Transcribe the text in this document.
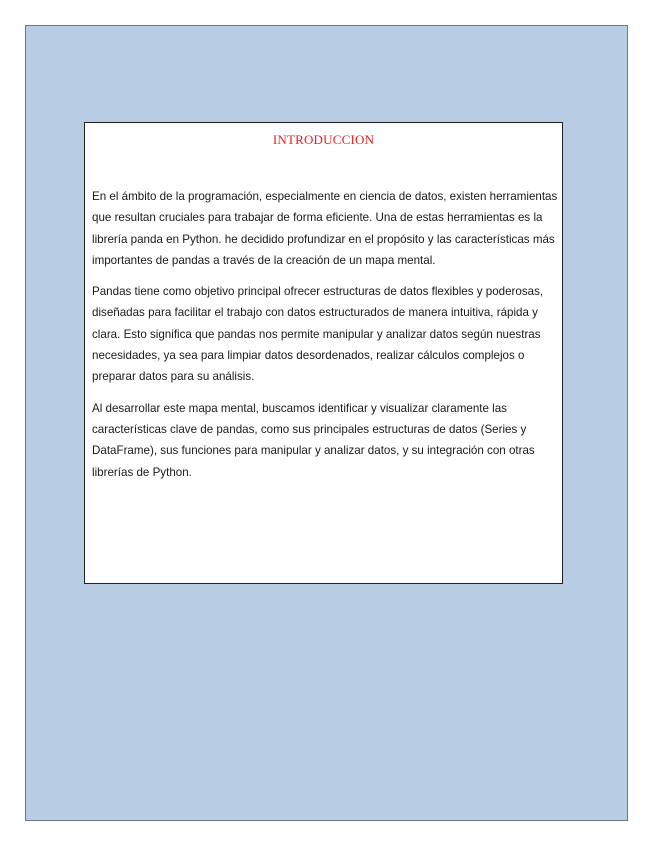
INTRODUCCION

En el ámbito de la programación, especialmente en ciencia de datos, existen herramientas que resultan cruciales para trabajar de forma eficiente. Una de estas herramientas es la librería panda en Python. he decidido profundizar en el propósito y las características más importantes de pandas a través de la creación de un mapa mental.

Pandas tiene como objetivo principal ofrecer estructuras de datos flexibles y poderosas, diseñadas para facilitar el trabajo con datos estructurados de manera intuitiva, rápida y clara. Esto significa que pandas nos permite manipular y analizar datos según nuestras necesidades, ya sea para limpiar datos desordenados, realizar cálculos complejos o preparar datos para su análisis.

Al desarrollar este mapa mental, buscamos identificar y visualizar claramente las características clave de pandas, como sus principales estructuras de datos (Series y DataFrame), sus funciones para manipular y analizar datos, y su integración con otras librerías de Python.
